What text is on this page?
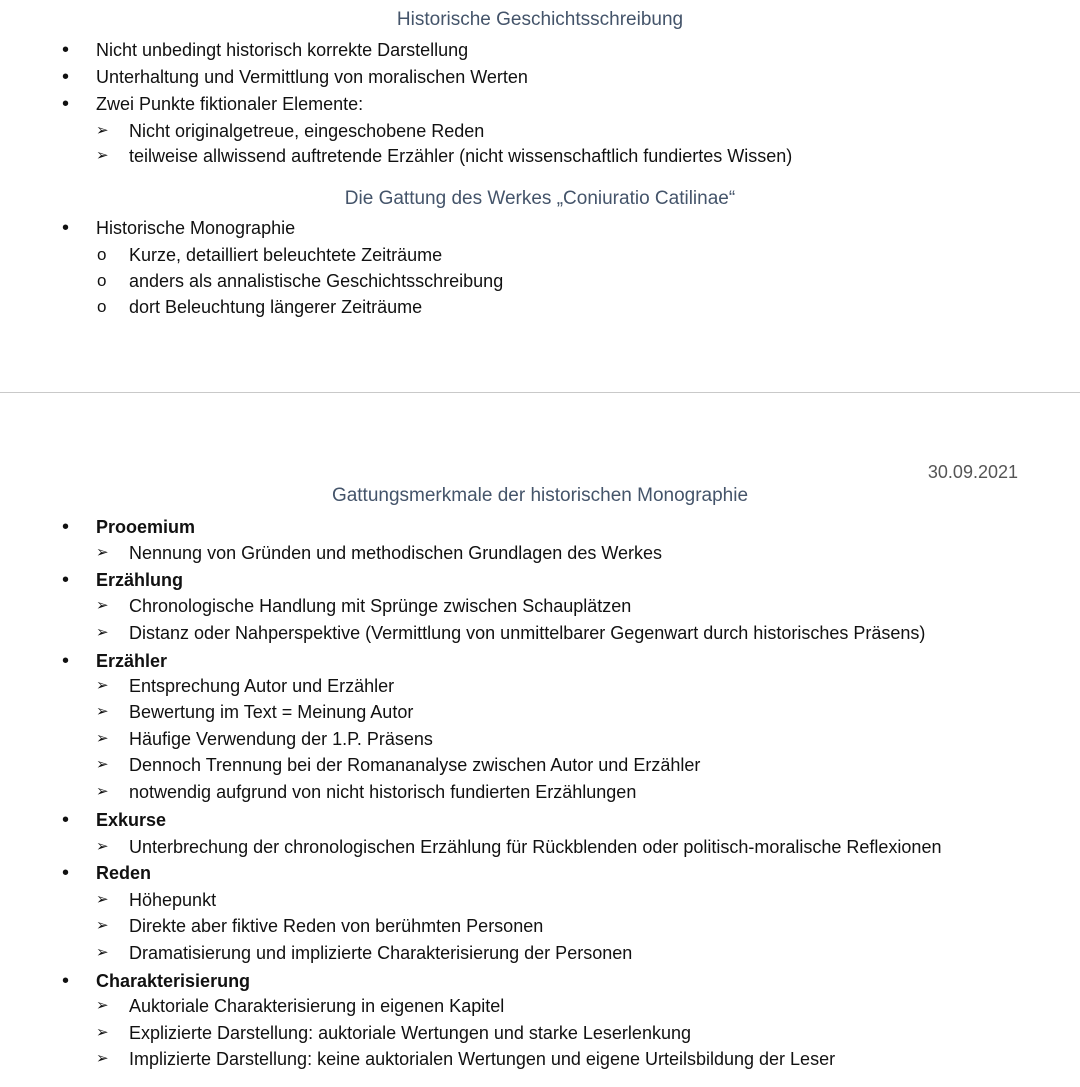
Historische Geschichtsschreibung
• Nicht unbedingt historisch korrekte Darstellung
• Unterhaltung und Vermittlung von moralischen Werten
• Zwei Punkte fiktionaler Elemente:
➢ Nicht originalgetreue, eingeschobene Reden
➢ teilweise allwissend auftretende Erzähler (nicht wissenschaftlich fundiertes Wissen)
Die Gattung des Werkes „Coniuratio Catilinae“
• Historische Monographie
o Kurze, detailliert beleuchtete Zeiträume
o anders als annalistische Geschichtsschreibung
o dort Beleuchtung längerer Zeiträume
30.09.2021
Gattungsmerkmale der historischen Monographie
• Prooemium
➢ Nennung von Gründen und methodischen Grundlagen des Werkes
• Erzählung
➢ Chronologische Handlung mit Sprünge zwischen Schauplätzen
➢ Distanz oder Nahperspektive (Vermittlung von unmittelbarer Gegenwart durch historisches Präsens)
• Erzähler
➢ Entsprechung Autor und Erzähler
➢ Bewertung im Text = Meinung Autor
➢ Häufige Verwendung der 1.P. Präsens
➢ Dennoch Trennung bei der Romananalyse zwischen Autor und Erzähler
➢ notwendig aufgrund von nicht historisch fundierten Erzählungen
• Exkurse
➢ Unterbrechung der chronologischen Erzählung für Rückblenden oder politisch-moralische Reflexionen
• Reden
➢ Höhepunkt
➢ Direkte aber fiktive Reden von berühmten Personen
➢ Dramatisierung und implizierte Charakterisierung der Personen
• Charakterisierung
➢ Auktoriale Charakterisierung in eigenen Kapitel
➢ Explizierte Darstellung: auktoriale Wertungen und starke Leserlenkung
➢ Implizierte Darstellung: keine auktorialen Wertungen und eigene Urteilsbildung der Leser
